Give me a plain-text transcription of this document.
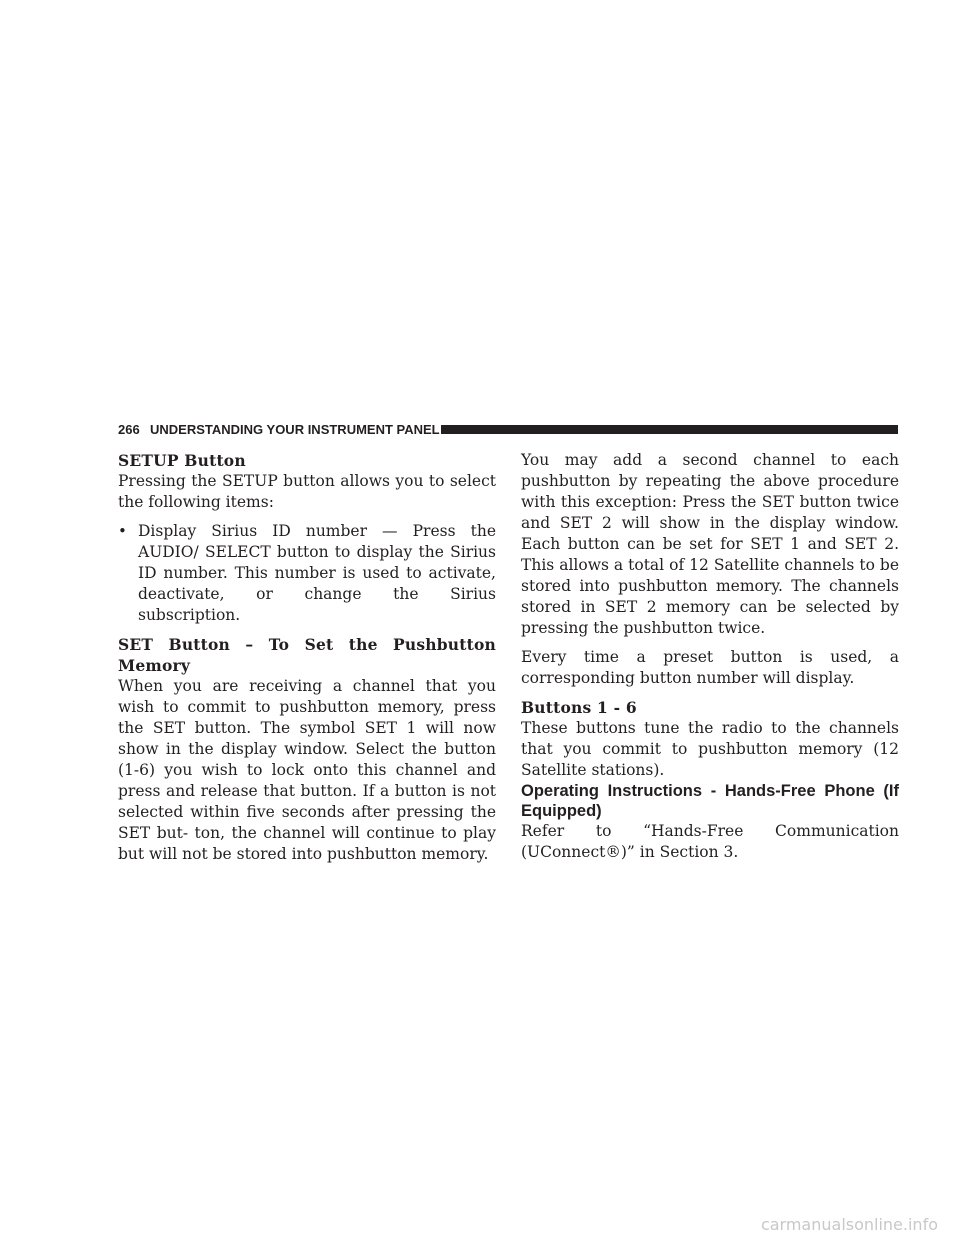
266 UNDERSTANDING YOUR INSTRUMENT PANEL

SETUP Button

Pressing the SETUP button allows you to select the following items:

• Display Sirius ID number — Press the AUDIO/ SELECT button to display the Sirius ID number. This number is used to activate, deactivate, or change the Sirius subscription.

SET Button – To Set the Pushbutton Memory

When you are receiving a channel that you wish to commit to pushbutton memory, press the SET button. The symbol SET 1 will now show in the display window. Select the button (1-6) you wish to lock onto this channel and press and release that button. If a button is not selected within five seconds after pressing the SET but- ton, the channel will continue to play but will not be stored into pushbutton memory.

You may add a second channel to each pushbutton by repeating the above procedure with this exception: Press the SET button twice and SET 2 will show in the display window. Each button can be set for SET 1 and SET 2. This allows a total of 12 Satellite channels to be stored into pushbutton memory. The channels stored in SET 2 memory can be selected by pressing the pushbutton twice.

Every time a preset button is used, a corresponding button number will display.

Buttons 1 - 6

These buttons tune the radio to the channels that you commit to pushbutton memory (12 Satellite stations).

Operating Instructions - Hands-Free Phone (If Equipped)

Refer to “Hands-Free Communication (UConnect®)” in Section 3.

carmanualsonline.info
